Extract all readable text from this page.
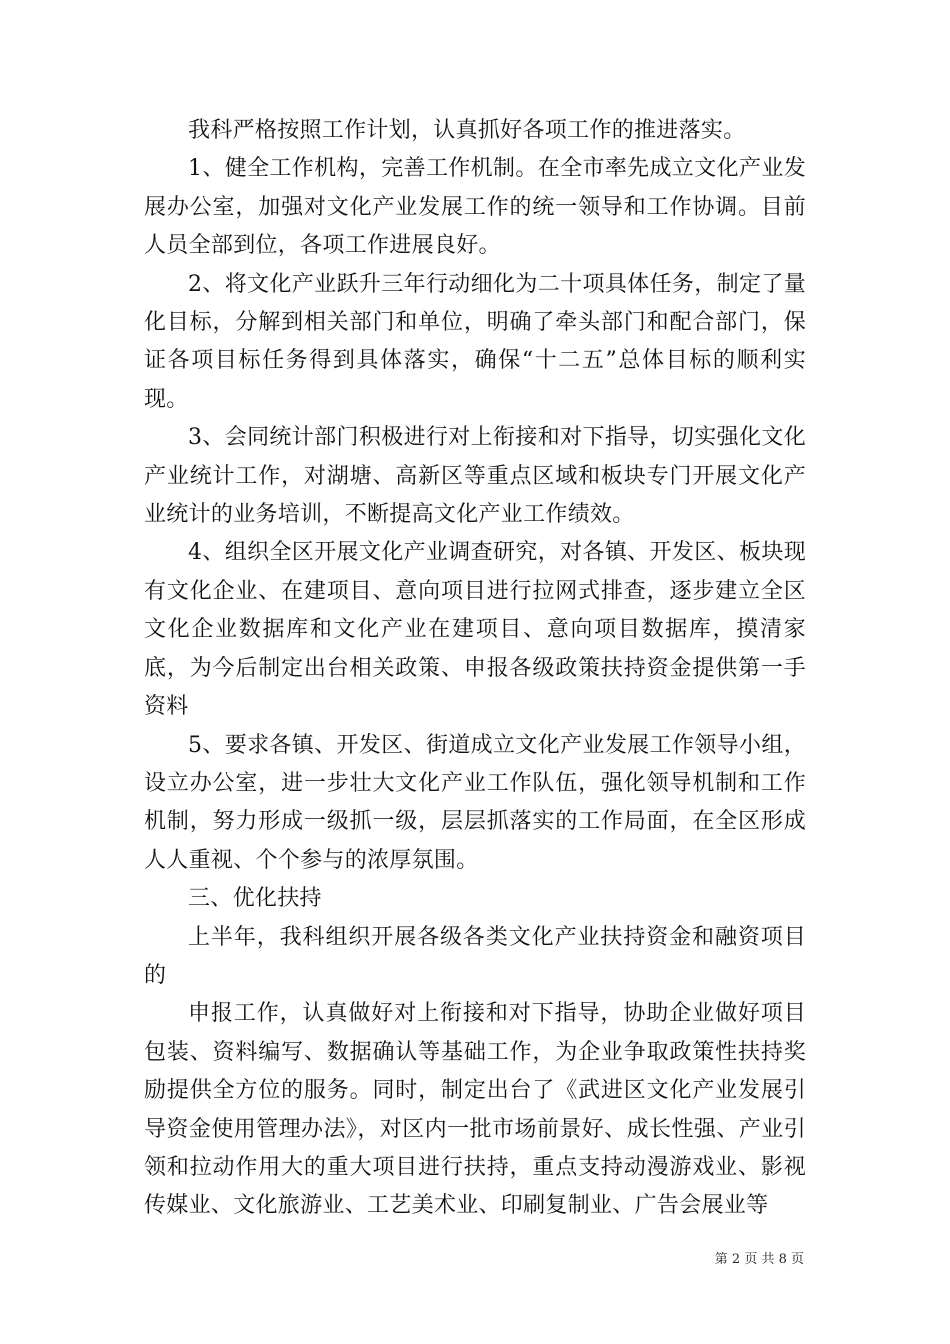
我科严格按照工作计划，认真抓好各项工作的推进落实。

1、健全工作机构，完善工作机制。在全市率先成立文化产业发展办公室，加强对文化产业发展工作的统一领导和工作协调。目前人员全部到位，各项工作进展良好。

2、将文化产业跃升三年行动细化为二十项具体任务，制定了量化目标，分解到相关部门和单位，明确了牵头部门和配合部门，保证各项目标任务得到具体落实，确保“十二五”总体目标的顺利实现。

3、会同统计部门积极进行对上衔接和对下指导，切实强化文化产业统计工作，对湖塘、高新区等重点区域和板块专门开展文化产业统计的业务培训，不断提高文化产业工作绩效。

4、组织全区开展文化产业调查研究，对各镇、开发区、板块现有文化企业、在建项目、意向项目进行拉网式排查，逐步建立全区文化企业数据库和文化产业在建项目、意向项目数据库，摸清家底，为今后制定出台相关政策、申报各级政策扶持资金提供第一手资料

5、要求各镇、开发区、街道成立文化产业发展工作领导小组，设立办公室，进一步壮大文化产业工作队伍，强化领导机制和工作机制，努力形成一级抓一级，层层抓落实的工作局面，在全区形成人人重视、个个参与的浓厚氛围。

三、优化扶持

上半年，我科组织开展各级各类文化产业扶持资金和融资项目的

申报工作，认真做好对上衔接和对下指导，协助企业做好项目包装、资料编写、数据确认等基础工作，为企业争取政策性扶持奖励提供全方位的服务。同时，制定出台了《武进区文化产业发展引导资金使用管理办法》，对区内一批市场前景好、成长性强、产业引领和拉动作用大的重大项目进行扶持，重点支持动漫游戏业、影视传媒业、文化旅游业、工艺美术业、印刷复制业、广告会展业等

第 2 页 共 8 页
